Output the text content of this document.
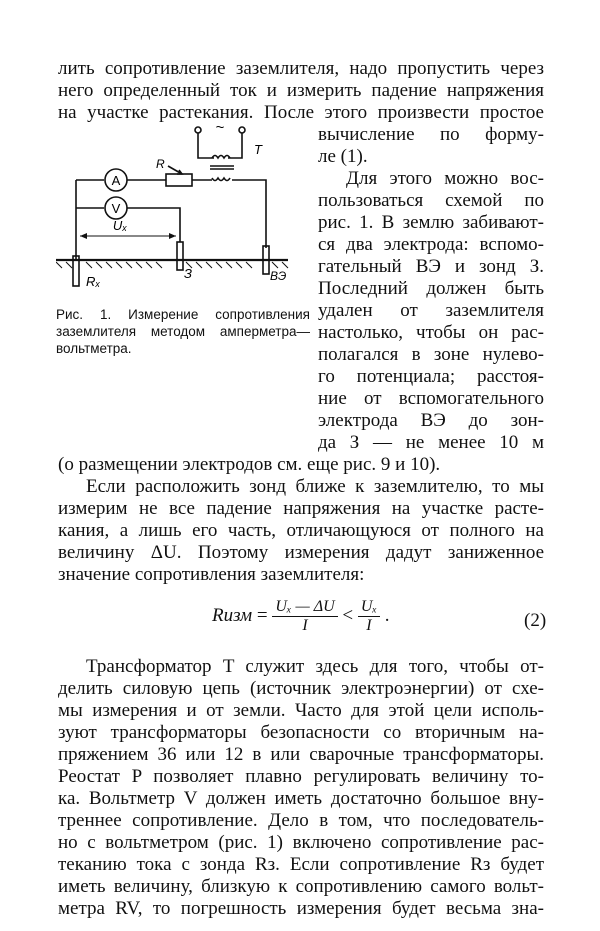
лить сопротивление заземлителя, надо пропустить через
него определенный ток и измерить падение напряжения
на участке растекания. После этого произвести простое
вычисление по форму-
ле (1).
Для этого можно вос-
пользоваться схемой по
рис. 1. В землю забивают-
ся два электрода: вспомо-
гательный ВЭ и зонд З.
Последний должен быть
удален от заземлителя
настолько, чтобы он рас-
полагался в зоне нулево-
го потенциала; расстоя-
ние от вспомогательного
электрода ВЭ до зон-
да З — не менее 10 м
A
V
R
T
~
Uₓ
Rₓ
З	ВЭ
Рис. 1. Измерение сопротивления заземлителя методом амперметра—вольтметра.
(о размещении электродов см. еще рис. 9 и 10).
Если расположить зонд ближе к заземлителю, то мы
измерим не все падение напряжения на участке расте-
кания, а лишь его часть, отличающуюся от полного на
величину ΔU. Поэтому измерения дадут заниженное
значение сопротивления заземлителя:
Rизм = $\frac{\text{Uₓ — ΔU}}{I} < \frac{\text{Uₓ}}{I}$ .	(2)
Трансформатор T служит здесь для того, чтобы от-
делить силовую цепь (источник электроэнергии) от схе-
мы измерения и от земли. Часто для этой цели исполь-
зуют трансформаторы безопасности со вторичным на-
пряжением 36 или 12 в или сварочные трансформаторы.
Реостат P позволяет плавно регулировать величину то-
ка. Вольтметр V должен иметь достаточно большое вну-
треннее сопротивление. Дело в том, что последователь-
но с вольтметром (рис. 1) включено сопротивление рас-
теканию тока с зонда Rз. Если сопротивление Rз будет
иметь величину, близкую к сопротивлению самого вольт-
метра RV, то погрешность измерения будет весьма зна-
